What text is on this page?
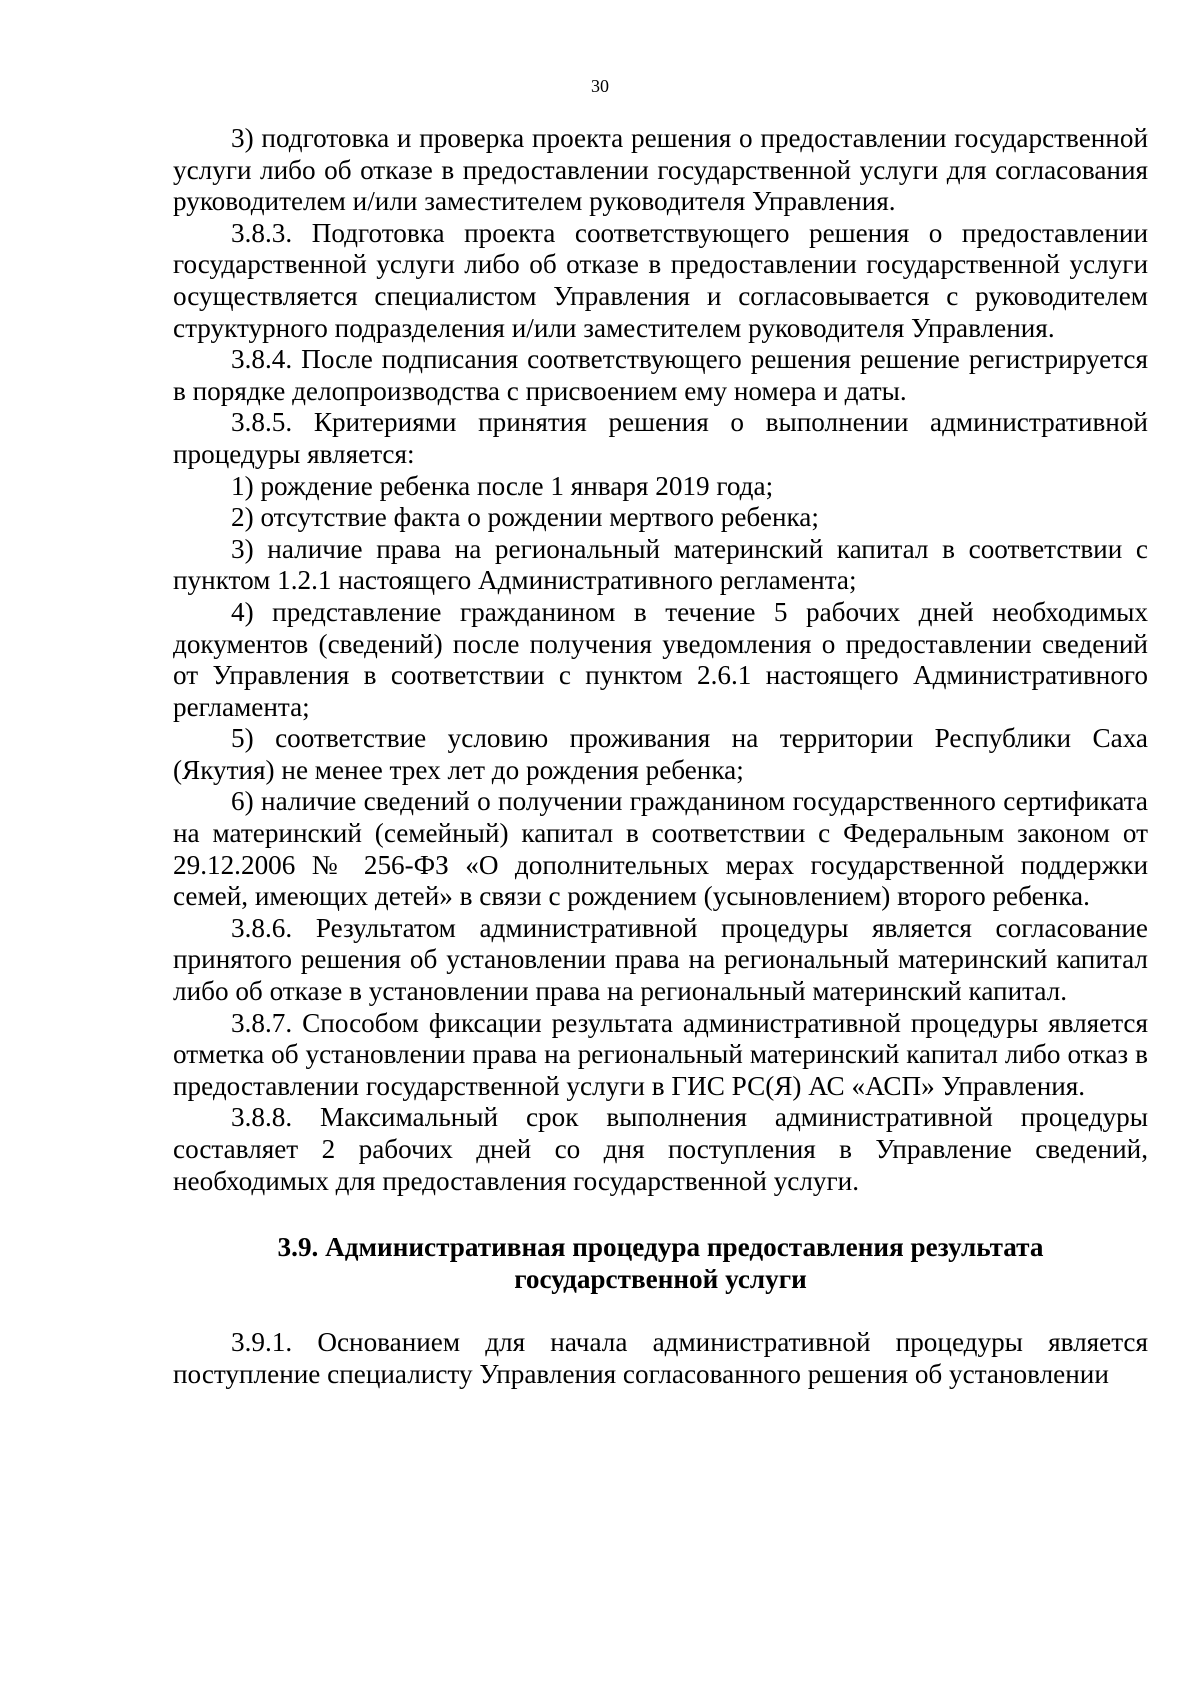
30

3) подготовка и проверка проекта решения о предоставлении государственной услуги либо об отказе в предоставлении государственной услуги для согласования руководителем и/или заместителем руководителя Управления.

3.8.3. Подготовка проекта соответствующего решения о предоставлении государственной услуги либо об отказе в предоставлении государственной услуги осуществляется специалистом Управления и согласовывается с руководителем структурного подразделения и/или заместителем руководителя Управления.

3.8.4. После подписания соответствующего решения решение регистрируется в порядке делопроизводства с присвоением ему номера и даты.

3.8.5. Критериями принятия решения о выполнении административной процедуры является:

1) рождение ребенка после 1 января 2019 года;

2) отсутствие факта о рождении мертвого ребенка;

3) наличие права на региональный материнский капитал в соответствии с пунктом 1.2.1 настоящего Административного регламента;

4) представление гражданином в течение 5 рабочих дней необходимых документов (сведений) после получения уведомления о предоставлении сведений от Управления в соответствии с пунктом 2.6.1 настоящего Административного регламента;

5) соответствие условию проживания на территории Республики Саха (Якутия) не менее трех лет до рождения ребенка;

6) наличие сведений о получении гражданином государственного сертификата на материнский (семейный) капитал в соответствии с Федеральным законом от 29.12.2006 № 256-ФЗ «О дополнительных мерах государственной поддержки семей, имеющих детей» в связи с рождением (усыновлением) второго ребенка.

3.8.6. Результатом административной процедуры является согласование принятого решения об установлении права на региональный материнский капитал либо об отказе в установлении права на региональный материнский капитал.

3.8.7. Способом фиксации результата административной процедуры является отметка об установлении права на региональный материнский капитал либо отказ в предоставлении государственной услуги в ГИС РС(Я) АС «АСП» Управления.

3.8.8. Максимальный срок выполнения административной процедуры составляет 2 рабочих дней со дня поступления в Управление сведений, необходимых для предоставления государственной услуги.

3.9. Административная процедура предоставления результата
государственной услуги

3.9.1. Основанием для начала административной процедуры является поступление специалисту Управления согласованного решения об установлении
